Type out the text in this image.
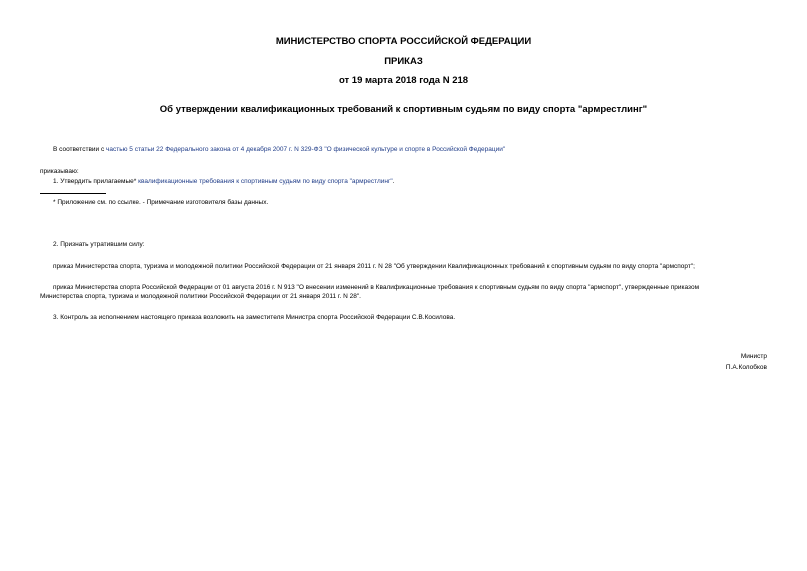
МИНИСТЕРСТВО СПОРТА РОССИЙСКОЙ ФЕДЕРАЦИИ
ПРИКАЗ
от 19 марта 2018 года N 218
Об утверждении квалификационных требований к спортивным судьям по виду спорта "армрестлинг"
В соответствии с частью 5 статьи 22 Федерального закона от 4 декабря 2007 г. N 329-ФЗ "О физической культуре и спорте в Российской Федерации"
приказываю:
1. Утвердить прилагаемые* квалификационные требования к спортивным судьям по виду спорта "армрестлинг".
* Приложение см. по ссылке. - Примечание изготовителя базы данных.
2. Признать утратившим силу:
приказ Министерства спорта, туризма и молодежной политики Российской Федерации от 21 января 2011 г. N 28 "Об утверждении Квалификационных требований к спортивным судьям по виду спорта "армспорт";
приказ Министерства спорта Российской Федерации от 01 августа 2016 г. N 913 "О внесении изменений в Квалификационные требования к спортивным судьям по виду спорта "армспорт", утвержденные приказом
Министерства спорта, туризма и молодежной политики Российской Федерации от 21 января 2011 г. N 28".
3. Контроль за исполнением настоящего приказа возложить на заместителя Министра спорта Российской Федерации С.В.Косилова.
Министр
П.А.Колобков
